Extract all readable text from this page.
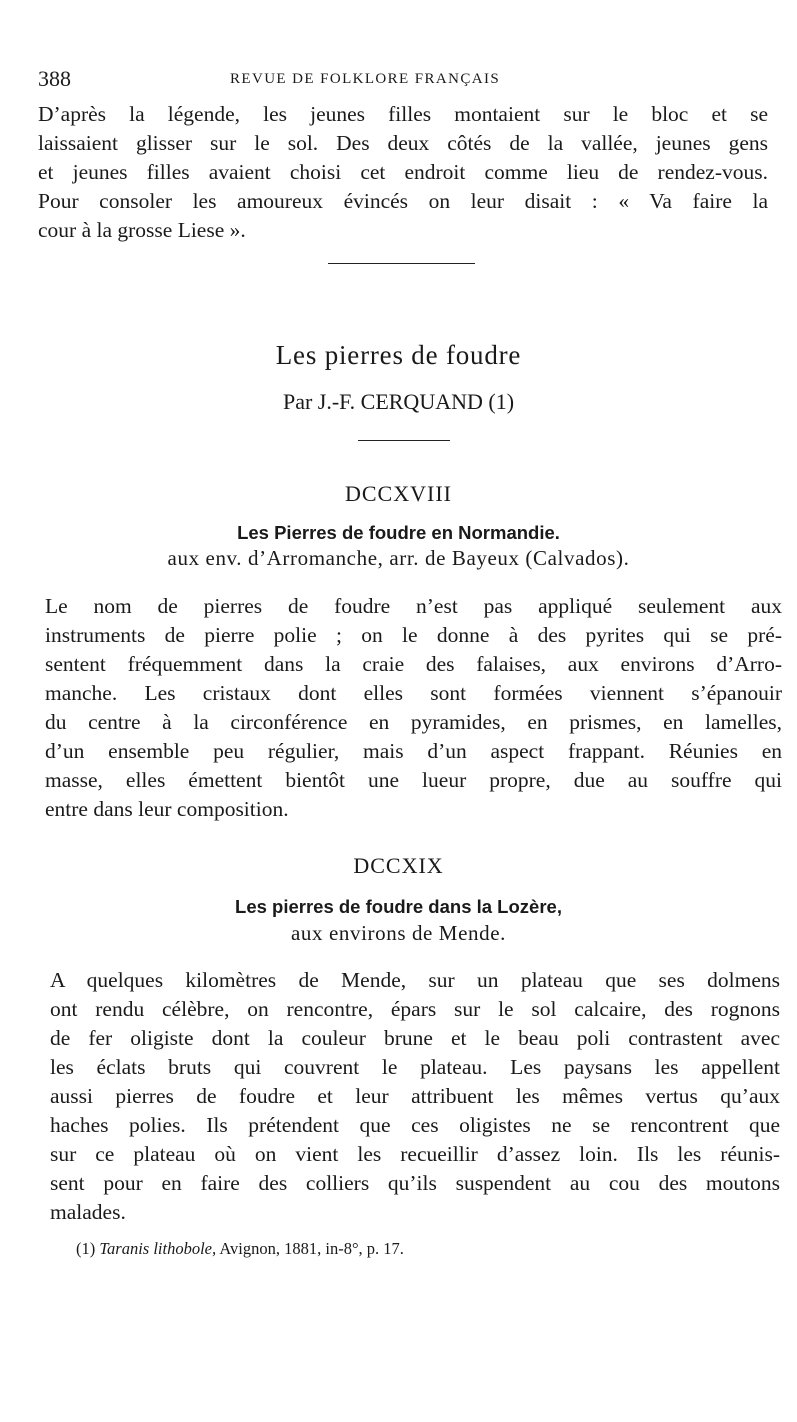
388	REVUE DE FOLKLORE FRANÇAIS

D’après la légende, les jeunes filles montaient sur le bloc et se
laissaient glisser sur le sol. Des deux côtés de la vallée, jeunes gens
et jeunes filles avaient choisi cet endroit comme lieu de rendez-vous.
Pour consoler les amoureux évincés on leur disait : « Va faire la
cour à la grosse Liese ».

Les pierres de foudre
Par J.-F. CERQUAND (1)
DCCXVIII
Les Pierres de foudre en Normandie.
aux env. d’Arromanche, arr. de Bayeux (Calvados).

Le nom de pierres de foudre n’est pas appliqué seulement aux
instruments de pierre polie ; on le donne à des pyrites qui se pré-
sentent fréquemment dans la craie des falaises, aux environs d’Arro-
manche. Les cristaux dont elles sont formées viennent s’épanouir
du centre à la circonférence en pyramides, en prismes, en lamelles,
d’un ensemble peu régulier, mais d’un aspect frappant. Réunies en
masse, elles émettent bientôt une lueur propre, due au souffre qui
entre dans leur composition.

DCCXIX
Les pierres de foudre dans la Lozère,
aux environs de Mende.

A quelques kilomètres de Mende, sur un plateau que ses dolmens
ont rendu célèbre, on rencontre, épars sur le sol calcaire, des rognons
de fer oligiste dont la couleur brune et le beau poli contrastent avec
les éclats bruts qui couvrent le plateau. Les paysans les appellent
aussi pierres de foudre et leur attribuent les mêmes vertus qu’aux
haches polies. Ils prétendent que ces oligistes ne se rencontrent que
sur ce plateau où on vient les recueillir d’assez loin. Ils les réunis-
sent pour en faire des colliers qu’ils suspendent au cou des moutons
malades.

(1) Taranis lithobole, Avignon, 1881, in-8°, p. 17.
